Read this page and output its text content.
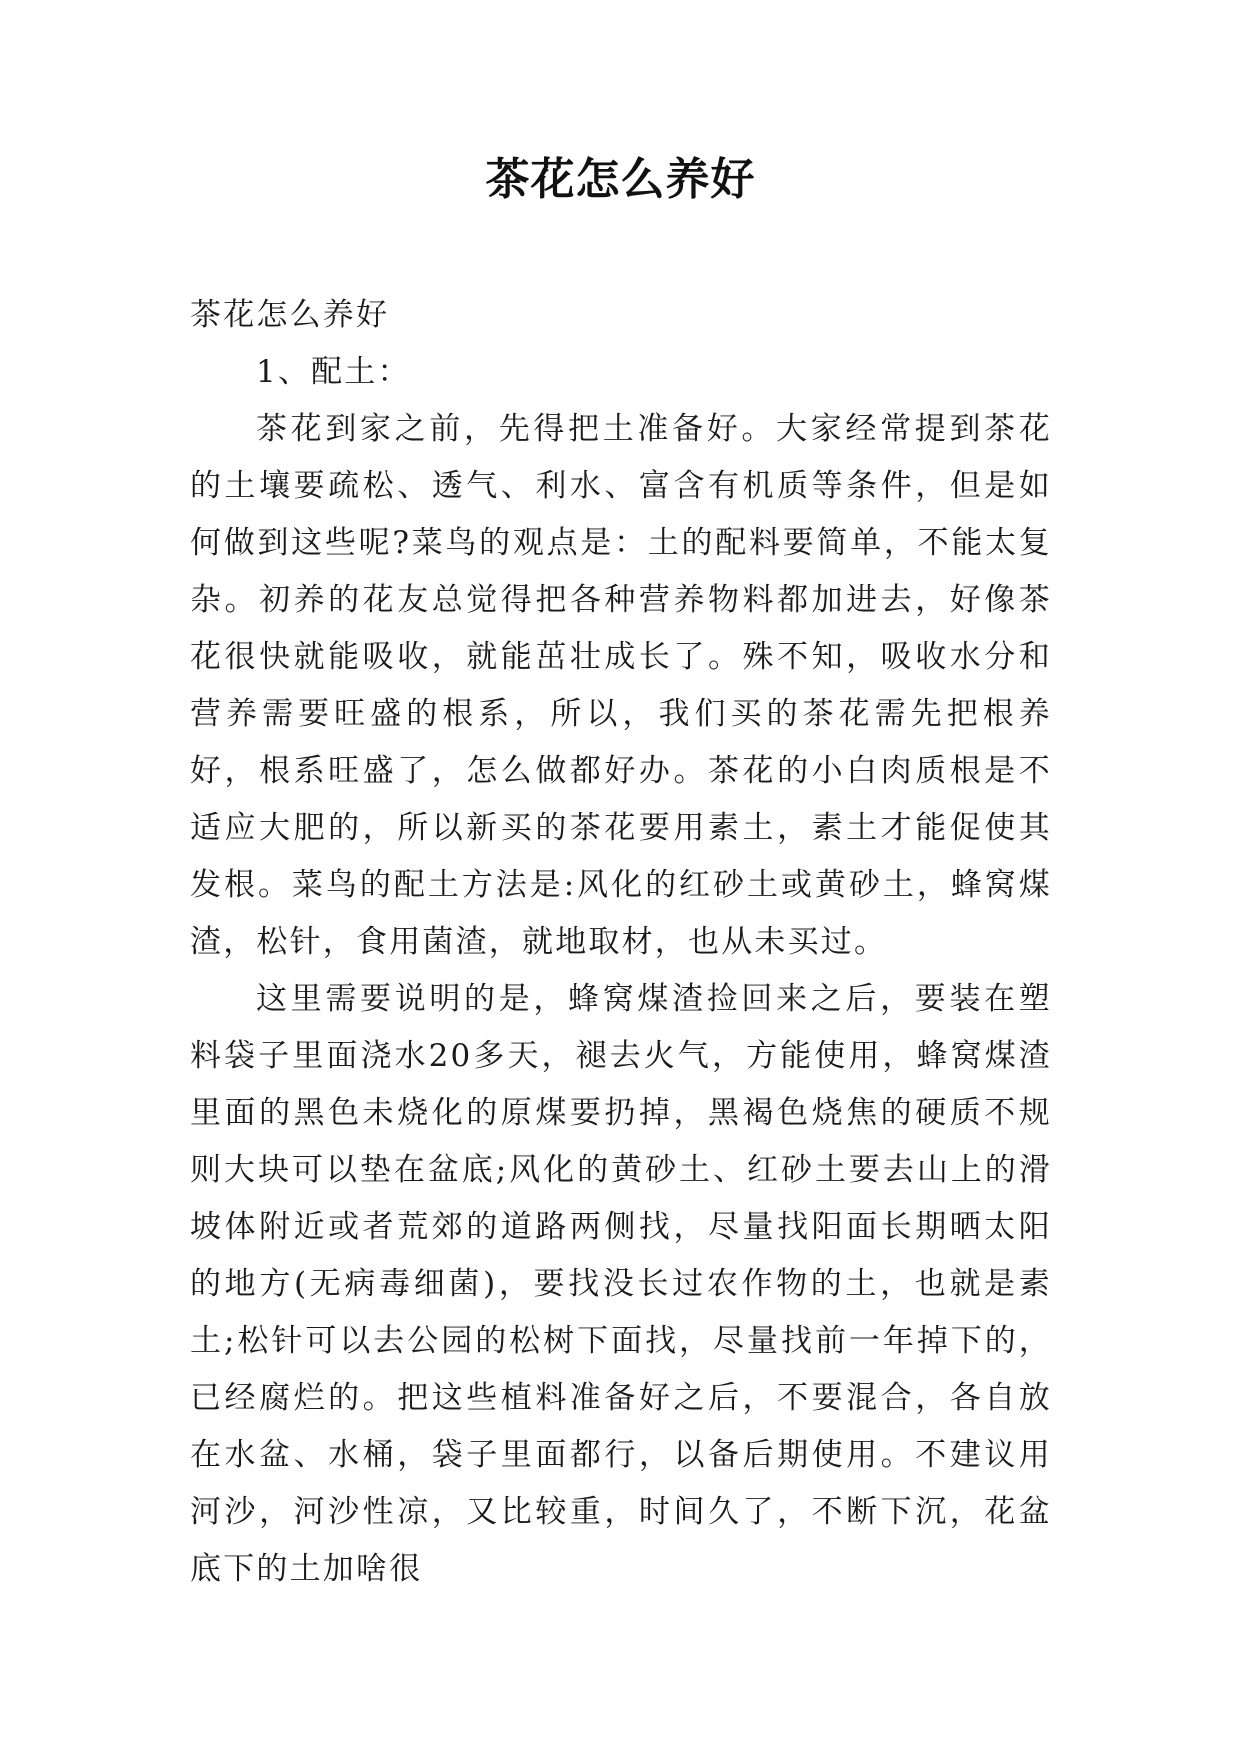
茶花怎么养好

茶花怎么养好

1、配土：

茶花到家之前，先得把土准备好。大家经常提到茶花的土壤要疏松、透气、利水、富含有机质等条件，但是如何做到这些呢?菜鸟的观点是：土的配料要简单，不能太复杂。初养的花友总觉得把各种营养物料都加进去，好像茶花很快就能吸收，就能茁壮成长了。殊不知，吸收水分和营养需要旺盛的根系，所以，我们买的茶花需先把根养好，根系旺盛了，怎么做都好办。茶花的小白肉质根是不适应大肥的，所以新买的茶花要用素土，素土才能促使其发根。菜鸟的配土方法是:风化的红砂土或黄砂土，蜂窝煤渣，松针，食用菌渣，就地取材，也从未买过。

这里需要说明的是，蜂窝煤渣捡回来之后，要装在塑料袋子里面浇水20多天，褪去火气，方能使用，蜂窝煤渣里面的黑色未烧化的原煤要扔掉，黑褐色烧焦的硬质不规则大块可以垫在盆底;风化的黄砂土、红砂土要去山上的滑坡体附近或者荒郊的道路两侧找，尽量找阳面长期晒太阳的地方(无病毒细菌)，要找没长过农作物的土，也就是素土;松针可以去公园的松树下面找，尽量找前一年掉下的，已经腐烂的。把这些植料准备好之后，不要混合，各自放在水盆、水桶，袋子里面都行，以备后期使用。不建议用河沙，河沙性凉，又比较重，时间久了，不断下沉，花盆底下的土加啥很
